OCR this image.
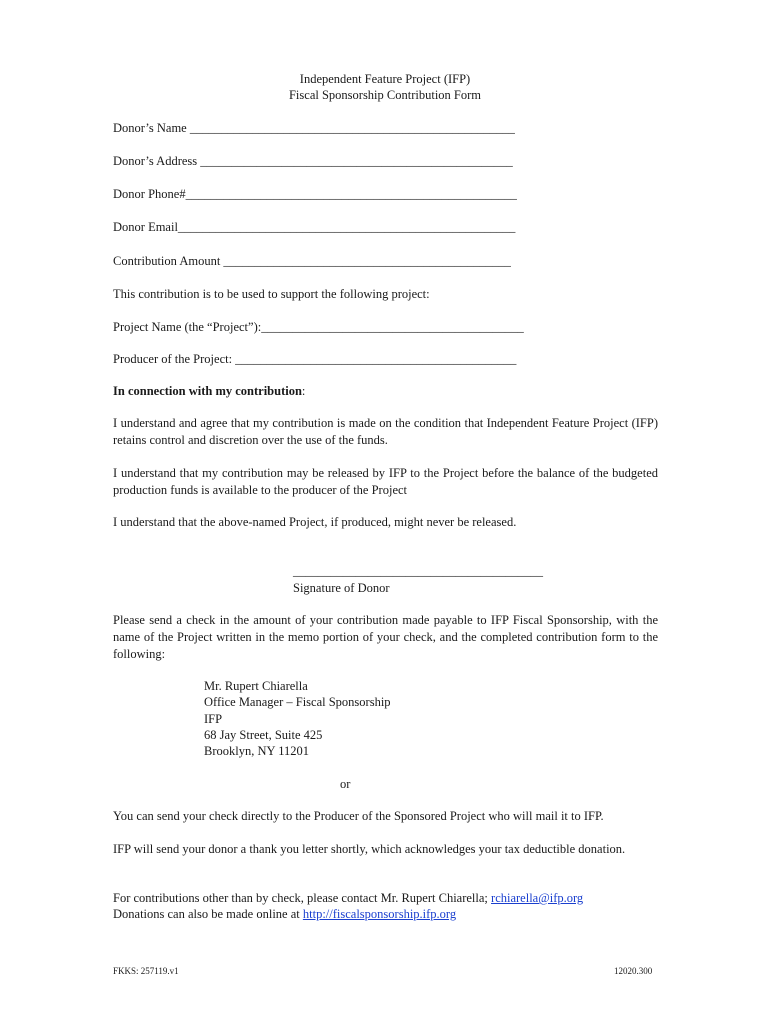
Independent Feature Project (IFP)
Fiscal Sponsorship Contribution Form
Donor’s Name ____________________________________________________
Donor’s Address __________________________________________________
Donor Phone#_____________________________________________________
Donor Email______________________________________________________
Contribution Amount ______________________________________________
This contribution is to be used to support the following project:
Project Name (the “Project”):__________________________________________
Producer of the Project: _____________________________________________
In connection with my contribution:
I understand and agree that my contribution is made on the condition that Independent Feature Project (IFP) retains control and discretion over the use of the funds.
I understand that my contribution may be released by IFP to the Project before the balance of the budgeted production funds is available to the producer of the Project
I understand that the above-named Project, if produced, might never be released.
________________________________________
Signature of Donor
Please send a check in the amount of your contribution made payable to IFP Fiscal Sponsorship, with the name of the Project written in the memo portion of your check, and the completed contribution form to the following:
Mr. Rupert Chiarella
Office Manager – Fiscal Sponsorship
IFP
68 Jay Street, Suite 425
Brooklyn, NY 11201
or
You can send your check directly to the Producer of the Sponsored Project who will mail it to IFP.
IFP will send your donor a thank you letter shortly, which acknowledges your tax deductible donation.
For contributions other than by check, please contact Mr. Rupert Chiarella; rchiarella@ifp.org
Donations can also be made online at http://fiscalsponsorship.ifp.org
FKKS: 257119.v1	12020.300
